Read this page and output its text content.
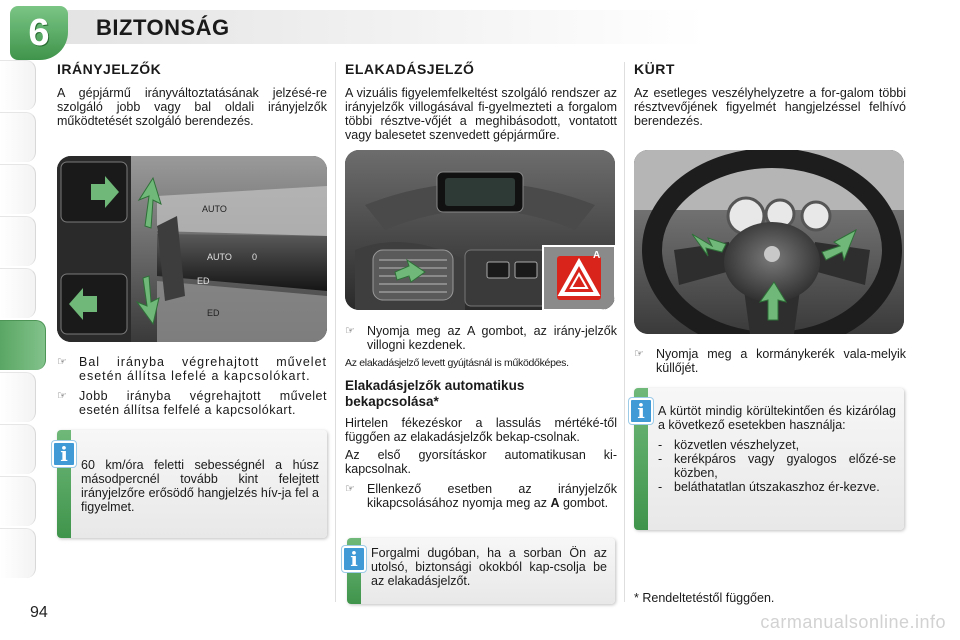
6 BIZTONSÁG
IRÁNYJELZŐK

A gépjármű irányváltoztatásának jelzésé-re szolgáló jobb vagy bal oldali irányjelzők működtetését szolgáló berendezés.

AUTO
AUTO 0
ED
ED
☞ Bal irányba végrehajtott művelet esetén állítsa lefelé a kapcsolókart.
☞ Jobb irányba végrehajtott művelet esetén állítsa felfelé a kapcsolókart.
60 km/óra feletti sebességnél a húsz másodpercnél tovább kint felejtett irányjelzőre erősödő hangjelzés hív-ja fel a figyelmet.
i
ELAKADÁSJELZŐ

A vizuális figyelemfelkeltést szolgáló rendszer az irányjelzők villogásával fi-gyelmezteti a forgalom többi résztve-vőjét a meghibásodott, vontatott vagy balesetet szenvedett gépjárműre.

A
☞ Nyomja meg az A gombot, az irány-jelzők villogni kezdenek.

Az elakadásjelző levett gyújtásnál is működőképes.

Elakadásjelzők automatikus bekapcsolása*

Hirtelen fékezéskor a lassulás mértéké-től függően az elakadásjelzők bekap-csolnak.

Az első gyorsításkor automatikusan ki-kapcsolnak.

☞ Ellenkező esetben az irányjelzők kikapcsolásához nyomja meg az A gombot.
Forgalmi dugóban, ha a sorban Ön az utolsó, biztonsági okokból kap-csolja be az elakadásjelzőt.
i
KÜRT

Az esetleges veszélyhelyzetre a for-galom többi résztvevőjének figyelmét hangjelzéssel felhívó berendezés.

☞ Nyomja meg a kormánykerék vala-melyik küllőjét.
A kürtöt mindig körültekintően és kizárólag a következő esetekben használja:
- közvetlen vészhelyzet,
- kerékpáros vagy gyalogos előzé-se közben,
- beláthatatlan útszakaszhoz ér-kezve.
i
* Rendeltetéstől függően.
94	carmanualsonline.info
